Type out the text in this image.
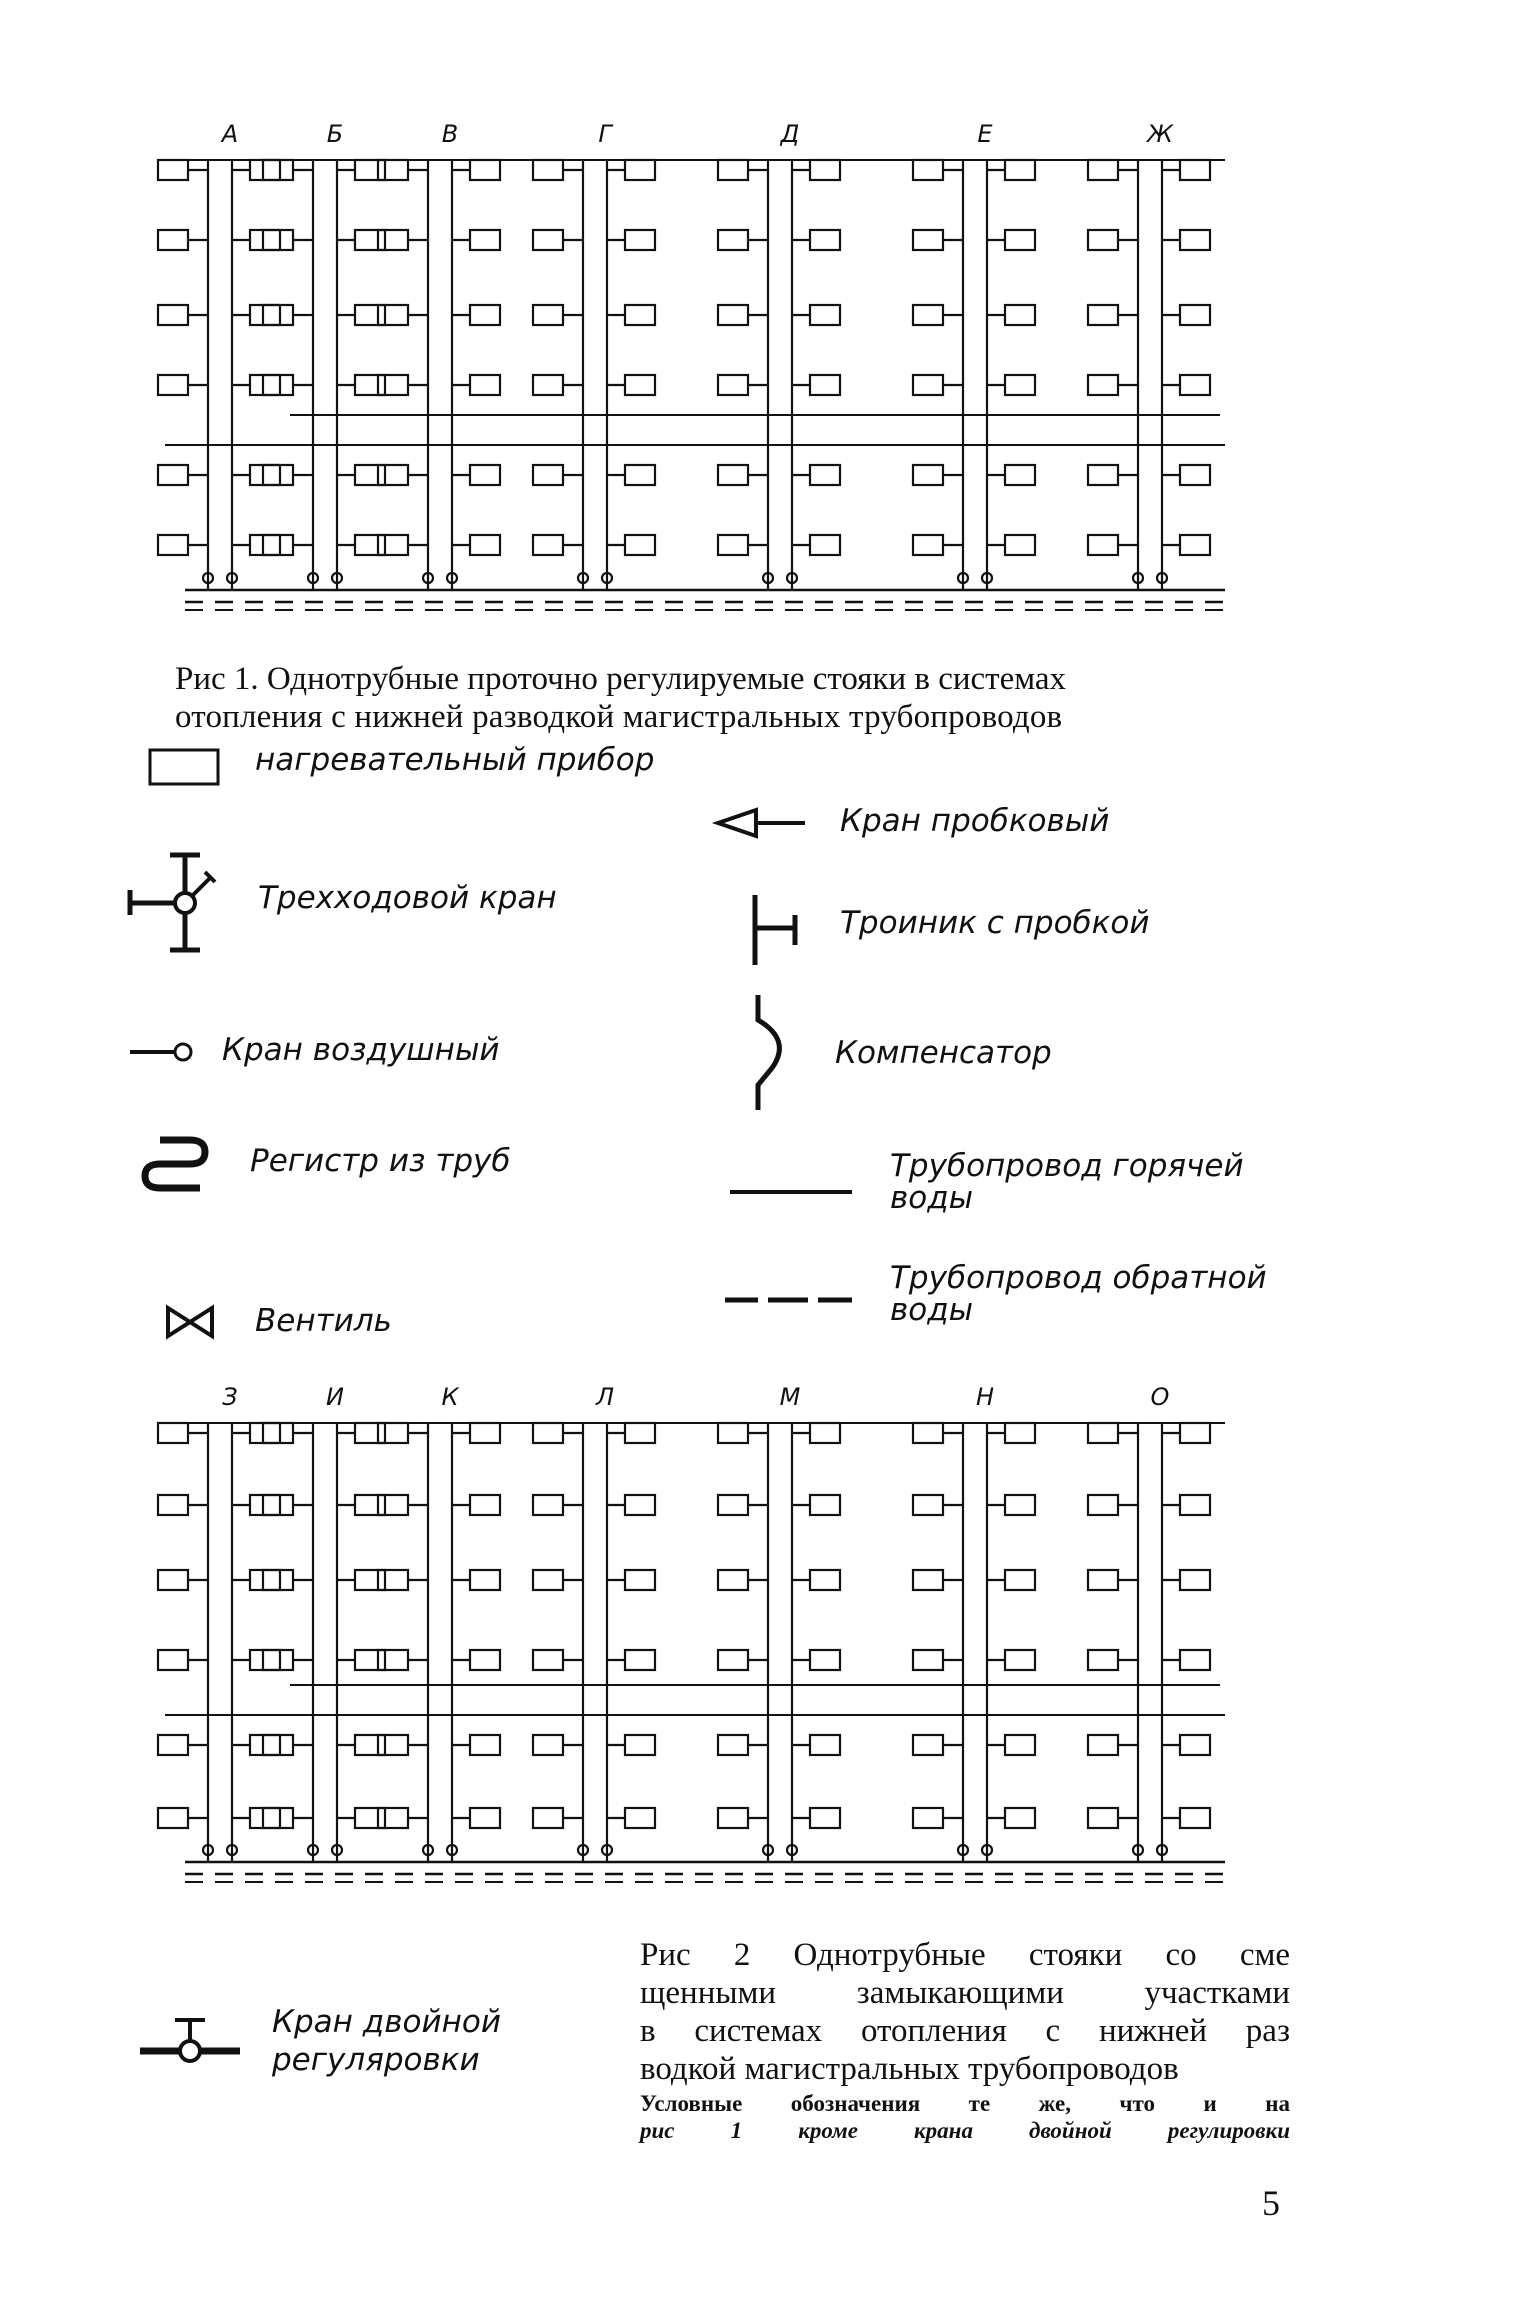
А	Б	В	Г	Д	Е	Ж
З	И	К	Л	М	Н	О
Рис 1. Однотрубные проточно регулируемые стояки в системах
отопления с нижней разводкой магистральных трубопроводов
нагревательный прибор
Кран пробковый
Трехходовой кран
Троиник с пробкой
Кран воздушный	Компенсатор
Регистр из труб	Трубопровод горячей
воды
Трубопровод обратной
воды
Вентиль
Кран двойной
регуляровки
Рис 2 Однотрубные стояки со сме
щенными замыкающими участками
в системах отопления с нижней раз
водкой магистральных трубопроводов
Условные обозначения те же, что и на
рис 1 кроме крана двойной регулировки
5
